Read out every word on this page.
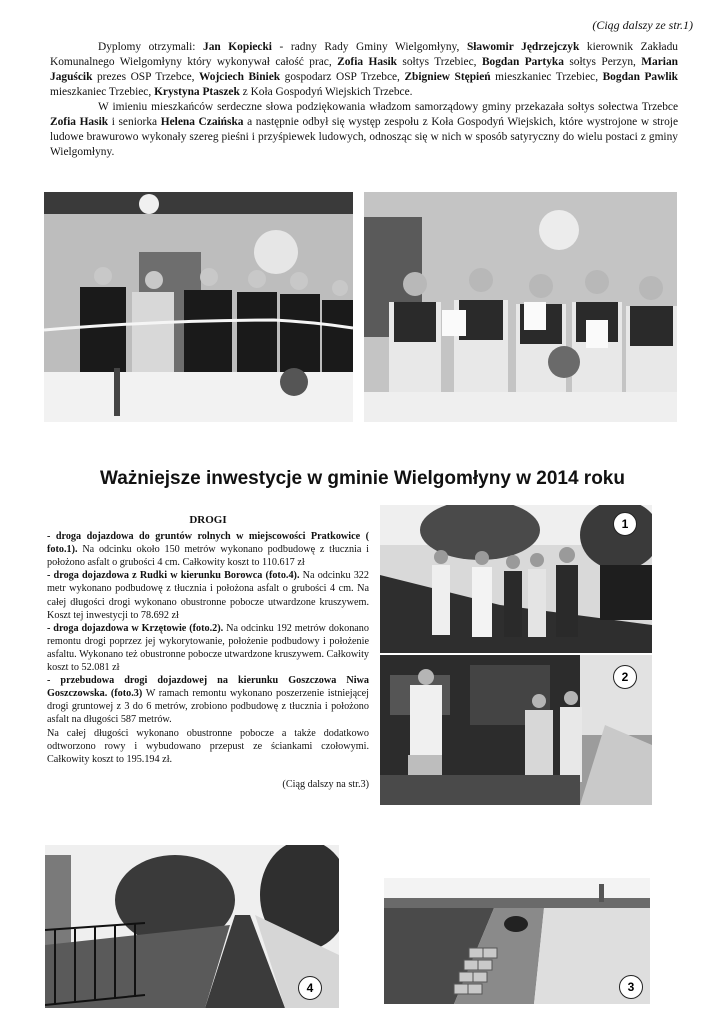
(Ciąg dalszy ze str.1)

Dyplomy otrzymali: Jan Kopiecki - radny Rady Gminy Wielgomłyny, Sławomir Jędrzejczyk kierownik Zakładu Komunalnego Wielgomłyny który wykonywał całość prac, Zofia Hasik sołtys Trzebiec, Bogdan Partyka sołtys Perzyn, Marian Jaguścik prezes OSP Trzebce, Wojciech Biniek gospodarz OSP Trzebce, Zbigniew Stępień mieszkaniec Trzebiec, Bogdan Pawlik mieszkaniec Trzebiec, Krystyna Ptaszek z Koła Gospodyń Wiejskich Trzebce.

W imieniu mieszkańców serdeczne słowa podziękowania władzom samorządowy gminy przekazała sołtys sołectwa Trzebce Zofia Hasik i seniorka Helena Czaińska a następnie odbył się występ zespołu z Koła Gospodyń Wiejskich, które wystrojone w stroje ludowe brawurowo wykonały szereg pieśni i przyśpiewek ludowych, odnosząc się w nich w sposób satyryczny do wielu postaci z gminy Wielgomłyny.

Ważniejsze inwestycje w gminie Wielgomłyny w 2014 roku
DROGI

- droga dojazdowa do gruntów rolnych w miejscowości Pratkowice ( foto.1). Na odcinku około 150 metrów wykonano podbudowę z tłucznia i położono asfalt o grubości 4 cm. Całkowity koszt to 110.617 zł

- droga dojazdowa z Rudki w kierunku Borowca (foto.4). Na odcinku 322 metr wykonano podbudowę z tłucznia i położona asfalt o grubości 4 cm. Na całej długości drogi wykonano obustronne pobocze utwardzone kruszywem. Koszt tej inwestycji to 78.692 zł

- droga dojazdowa w Krzętowie (foto.2). Na odcinku 192 metrów dokonano remontu drogi poprzez jej wykorytowanie, położenie podbudowy i położenie asfaltu. Wykonano też obustronne pobocze utwardzone kruszywem. Całkowity koszt to 52.081 zł

- przebudowa drogi dojazdowej na kierunku Goszczowa Niwa Goszczowska. (foto.3) W ramach remontu wykonano poszerzenie istniejącej drogi gruntowej z 3 do 6 metrów, zrobiono podbudowę z tłucznia i położono asfalt na długości 587 metrów.

Na całej długości wykonano obustronne pobocze a także dodatkowo odtworzono rowy i wybudowano przepust ze ściankami czołowymi. Całkowity koszt to 195.194 zł.

(Ciąg dalszy na str.3)
1
2
4	3
